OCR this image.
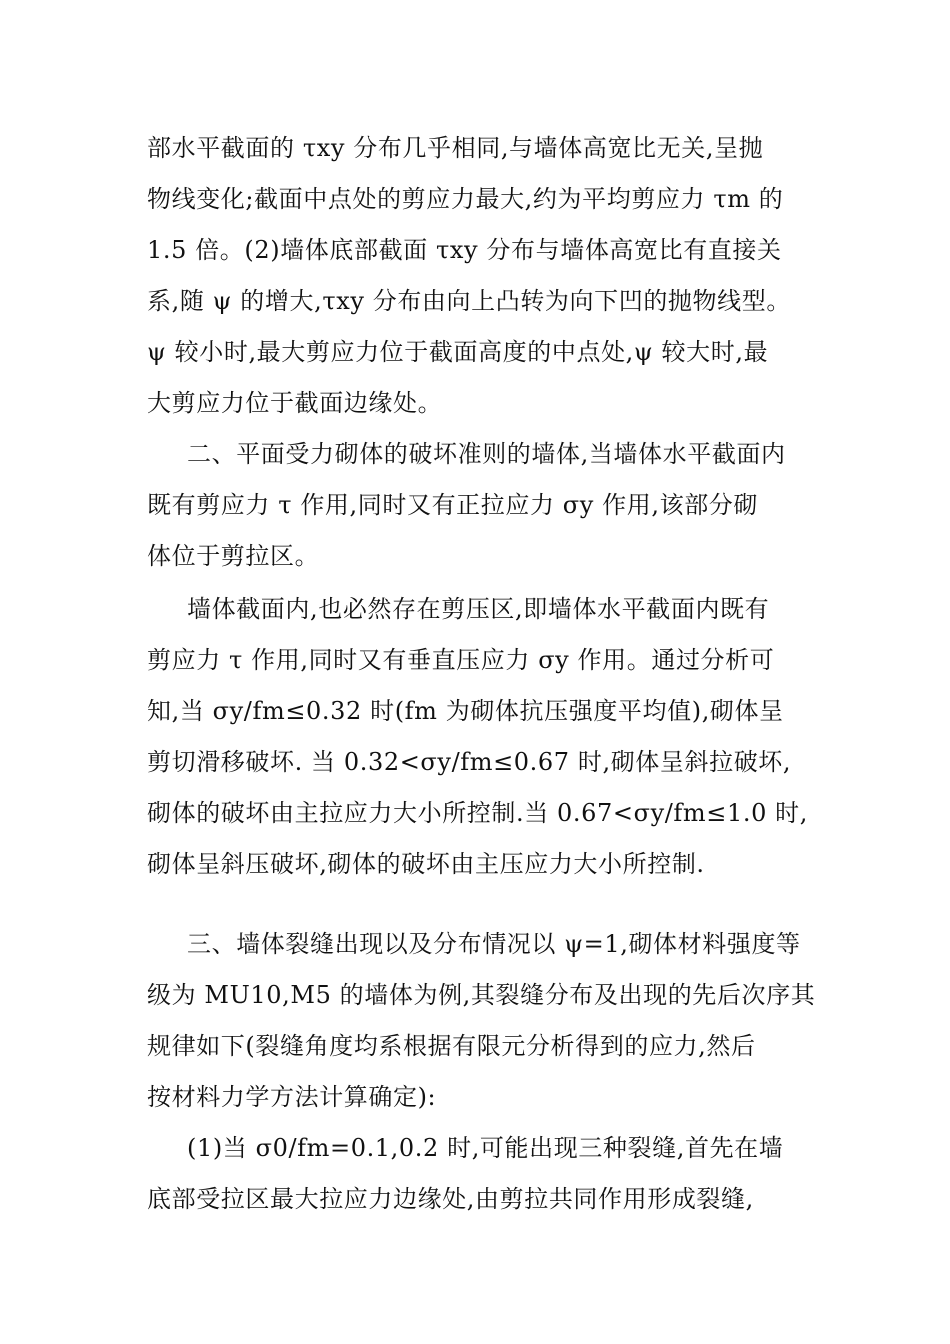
部水平截面的 τxy 分布几乎相同,与墙体高宽比无关,呈抛
物线变化;截面中点处的剪应力最大,约为平均剪应力 τm 的
1.5 倍。(2)墙体底部截面 τxy 分布与墙体高宽比有直接关
系,随 ψ 的增大,τxy 分布由向上凸转为向下凹的抛物线型。
ψ 较小时,最大剪应力位于截面高度的中点处,ψ 较大时,最
大剪应力位于截面边缘处。
二、平面受力砌体的破坏准则的墙体,当墙体水平截面内
既有剪应力 τ 作用,同时又有正拉应力 σy 作用,该部分砌
体位于剪拉区。
墙体截面内,也必然存在剪压区,即墙体水平截面内既有
剪应力 τ 作用,同时又有垂直压应力 σy 作用。通过分析可
知,当 σy/fm≤0.32 时(fm 为砌体抗压强度平均值),砌体呈
剪切滑移破坏. 当 0.32<σy/fm≤0.67 时,砌体呈斜拉破坏,
砌体的破坏由主拉应力大小所控制.当 0.67<σy/fm≤1.0 时,
砌体呈斜压破坏,砌体的破坏由主压应力大小所控制.
三、墙体裂缝出现以及分布情况以 ψ=1,砌体材料强度等
级为 MU10,M5 的墙体为例,其裂缝分布及出现的先后次序其
规律如下(裂缝角度均系根据有限元分析得到的应力,然后
按材料力学方法计算确定):
(1)当 σ0/fm=0.1,0.2 时,可能出现三种裂缝,首先在墙
底部受拉区最大拉应力边缘处,由剪拉共同作用形成裂缝,
